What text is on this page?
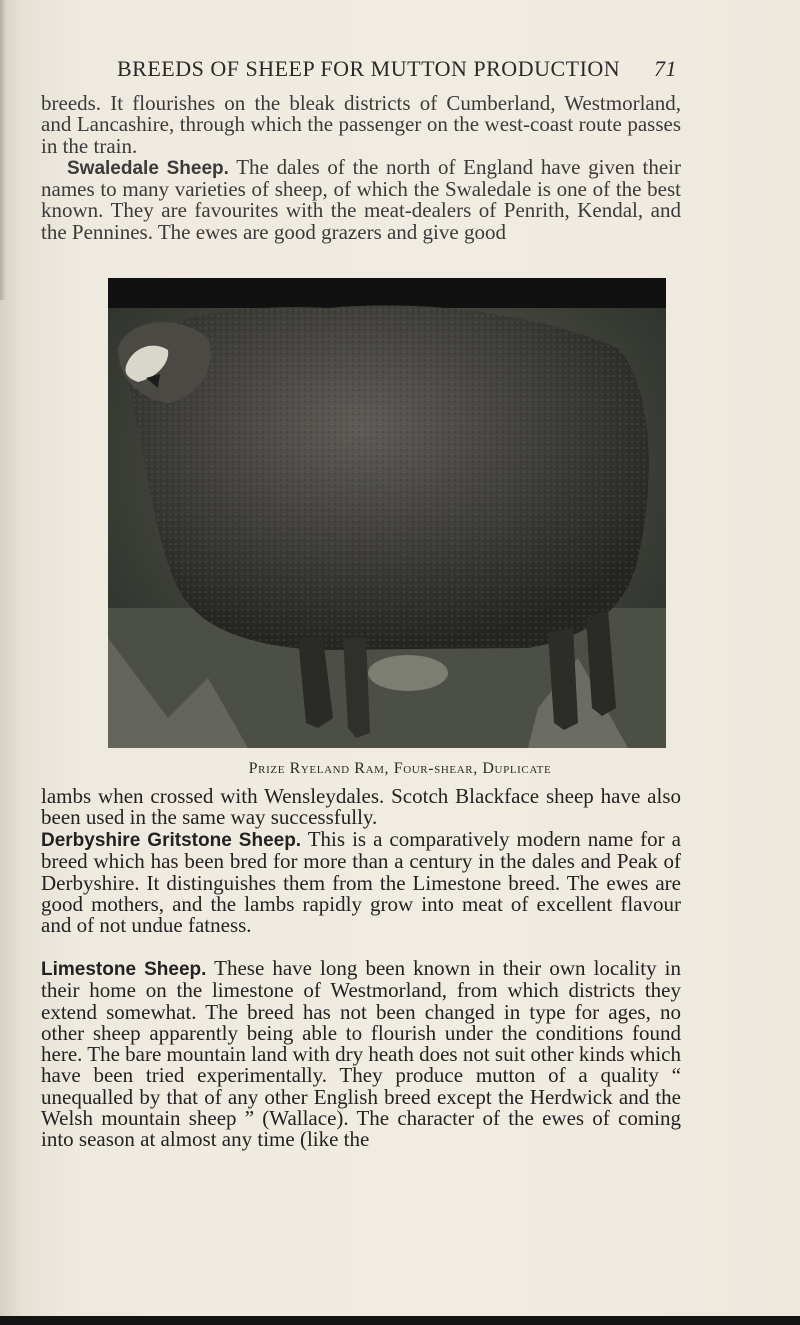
BREEDS OF SHEEP FOR MUTTON PRODUCTION 71

breeds. It flourishes on the bleak districts of Cumberland, Westmorland, and Lancashire, through which the passenger on the west-coast route passes in the train.
Swaledale Sheep. The dales of the north of England have given their names to many varieties of sheep, of which the Swaledale is one of the best known. They are favourites with the meat-dealers of Penrith, Kendal, and the Pennines. The ewes are good grazers and give good

Prize Ryeland Ram, Four-shear, Duplicate

lambs when crossed with Wensleydales. Scotch Blackface sheep have also been used in the same way successfully.

Derbyshire Gritstone Sheep. This is a comparatively modern name for a breed which has been bred for more than a century in the dales and Peak of Derbyshire. It distinguishes them from the Limestone breed. The ewes are good mothers, and the lambs rapidly grow into meat of excellent flavour and of not undue fatness.

Limestone Sheep. These have long been known in their own locality in their home on the limestone of Westmorland, from which districts they extend somewhat. The breed has not been changed in type for ages, no other sheep apparently being able to flourish under the conditions found here. The bare mountain land with dry heath does not suit other kinds which have been tried experimentally. They produce mutton of a quality “ unequalled by that of any other English breed except the Herdwick and the Welsh mountain sheep ” (Wallace). The character of the ewes of coming into season at almost any time (like the
